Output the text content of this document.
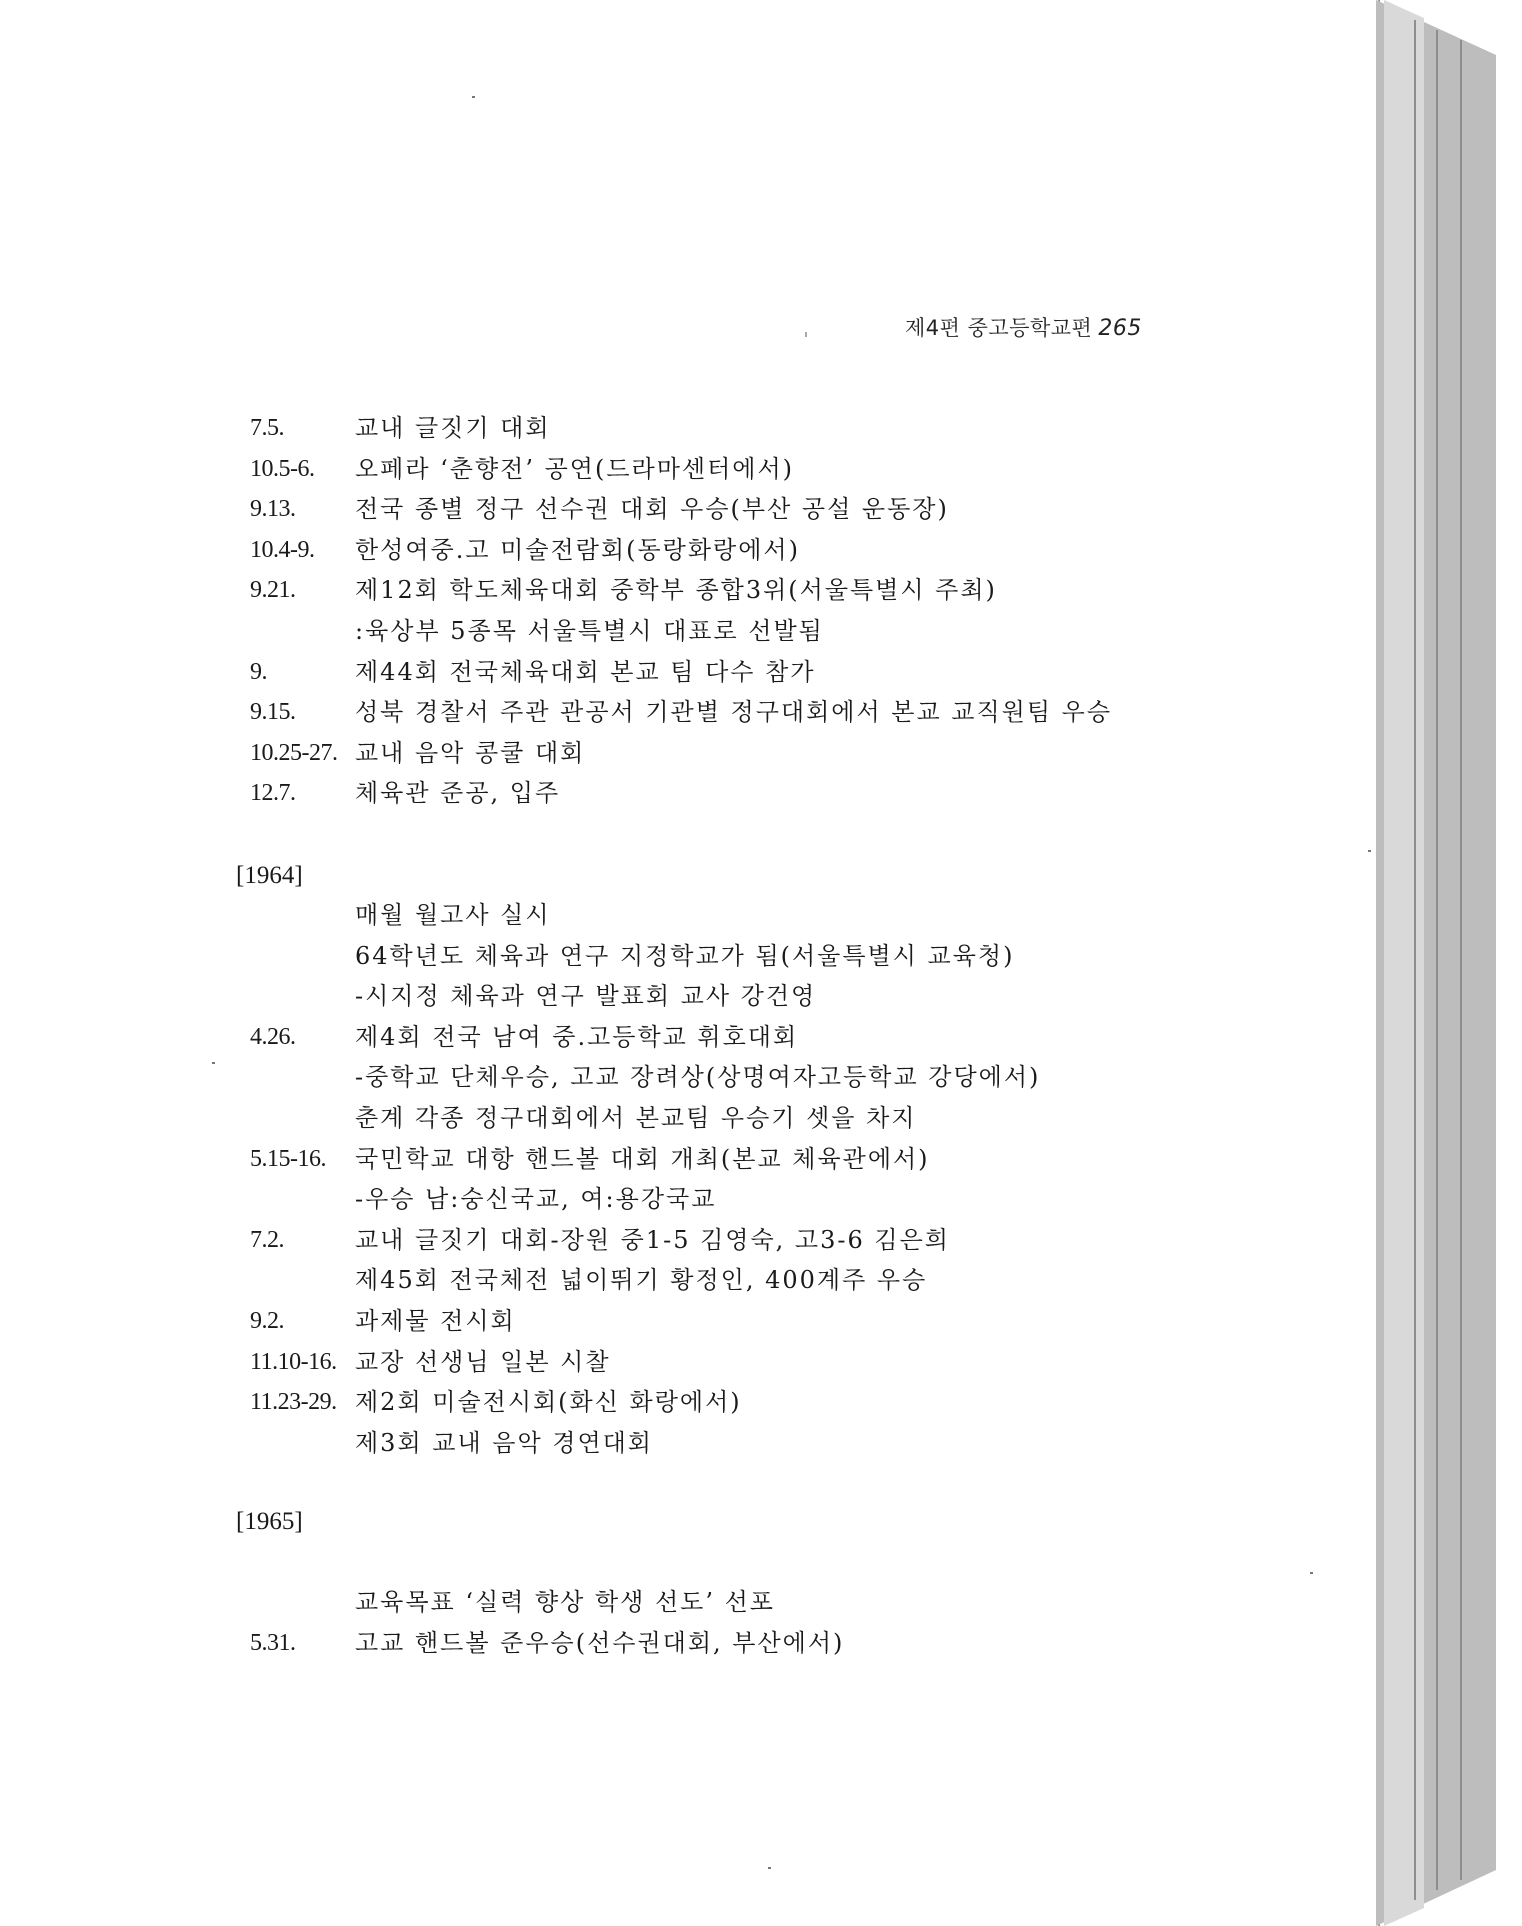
제4편 중고등학교편 265
[1964]
[1965]
7.5.	교내 글짓기 대회
10.5-6. 오페라 ‘춘향전’ 공연(드라마센터에서)
9.13. 전국 종별 정구 선수권 대회 우승(부산 공설 운동장)
10.4-9. 한성여중.고 미술전람회(동랑화랑에서)
9.21. 제12회 학도체육대회 중학부 종합3위(서울특별시 주최)
:육상부 5종목 서울특별시 대표로 선발됨
9.	제44회 전국체육대회 본교 팀 다수 참가
9.15. 성북 경찰서 주관 관공서 기관별 정구대회에서 본교 교직원팀 우승
10.25-27. 교내 음악 콩쿨 대회
12.7. 체육관 준공, 입주
매월 월고사 실시
64학년도 체육과 연구 지정학교가 됨(서울특별시 교육청)
-시지정 체육과 연구 발표회 교사 강건영
4.26. 제4회 전국 남여 중.고등학교 휘호대회
-중학교 단체우승, 고교 장려상(상명여자고등학교 강당에서)
춘계 각종 정구대회에서 본교팀 우승기 셋을 차지
5.15-16. 국민학교 대항 핸드볼 대회 개최(본교 체육관에서)
-우승 남:숭신국교, 여:용강국교
7.2.	교내 글짓기 대회-장원 중1-5 김영숙, 고3-6 김은희
제45회 전국체전 넓이뛰기 황정인, 400계주 우승
9.2.	과제물 전시회
11.10-16. 교장 선생님 일본 시찰
11.23-29. 제2회 미술전시회(화신 화랑에서)
제3회 교내 음악 경연대회
교육목표 ‘실력 향상 학생 선도’ 선포
5.31. 고교 핸드볼 준우승(선수권대회, 부산에서)
